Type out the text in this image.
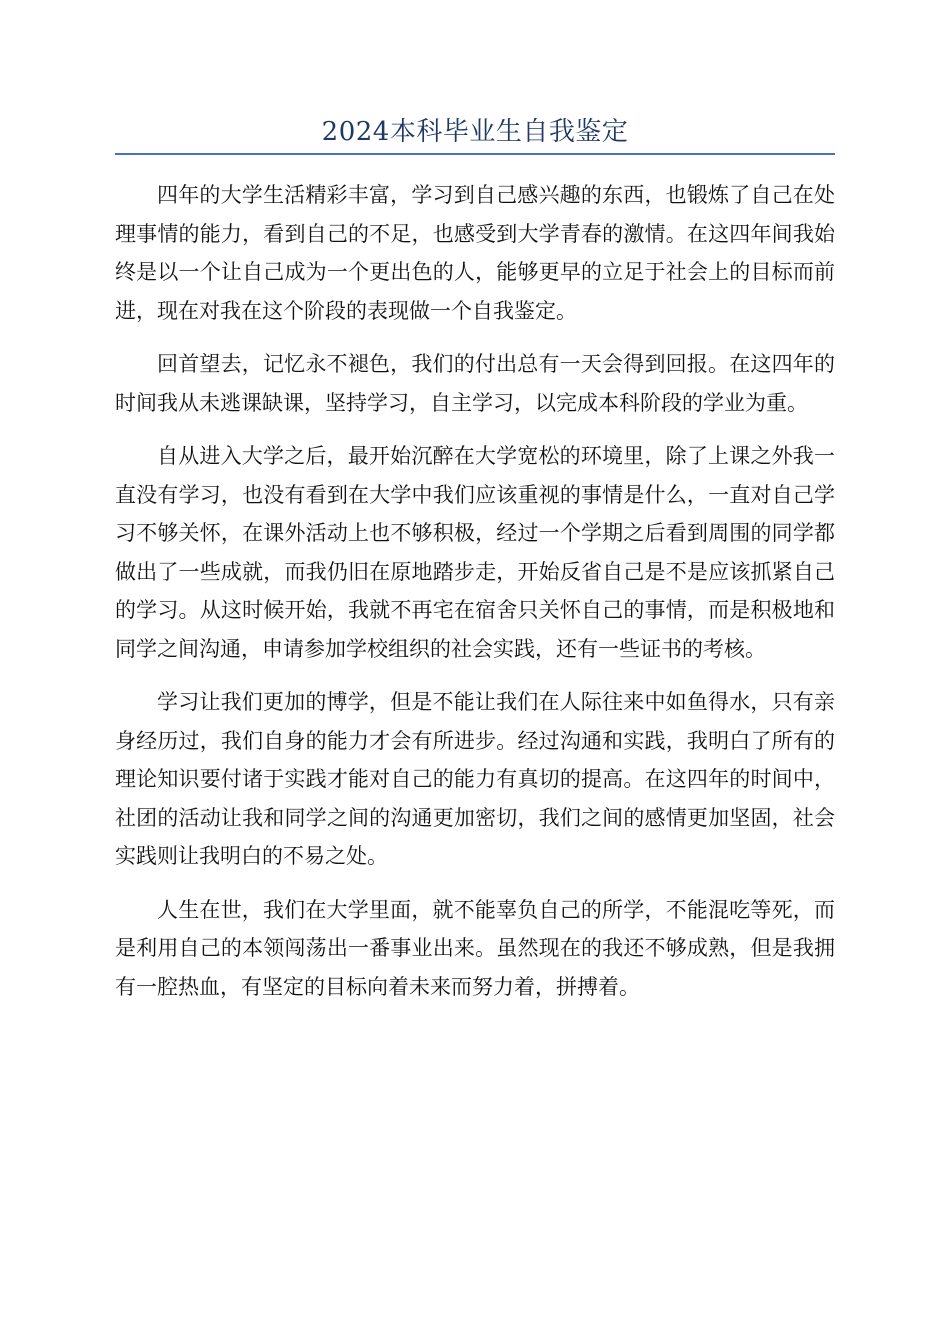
2024本科毕业生自我鉴定

四年的大学生活精彩丰富，学习到自己感兴趣的东西，也锻炼了自己在处理事情的能力，看到自己的不足，也感受到大学青春的激情。在这四年间我始终是以一个让自己成为一个更出色的人，能够更早的立足于社会上的目标而前进，现在对我在这个阶段的表现做一个自我鉴定。

回首望去，记忆永不褪色，我们的付出总有一天会得到回报。在这四年的时间我从未逃课缺课，坚持学习，自主学习，以完成本科阶段的学业为重。

自从进入大学之后，最开始沉醉在大学宽松的环境里，除了上课之外我一直没有学习，也没有看到在大学中我们应该重视的事情是什么，一直对自己学习不够关怀，在课外活动上也不够积极，经过一个学期之后看到周围的同学都做出了一些成就，而我仍旧在原地踏步走，开始反省自己是不是应该抓紧自己的学习。从这时候开始，我就不再宅在宿舍只关怀自己的事情，而是积极地和同学之间沟通，申请参加学校组织的社会实践，还有一些证书的考核。

学习让我们更加的博学，但是不能让我们在人际往来中如鱼得水，只有亲身经历过，我们自身的能力才会有所进步。经过沟通和实践，我明白了所有的理论知识要付诸于实践才能对自己的能力有真切的提高。在这四年的时间中，社团的活动让我和同学之间的沟通更加密切，我们之间的感情更加坚固，社会实践则让我明白的不易之处。

人生在世，我们在大学里面，就不能辜负自己的所学，不能混吃等死，而是利用自己的本领闯荡出一番事业出来。虽然现在的我还不够成熟，但是我拥有一腔热血，有坚定的目标向着未来而努力着，拼搏着。
